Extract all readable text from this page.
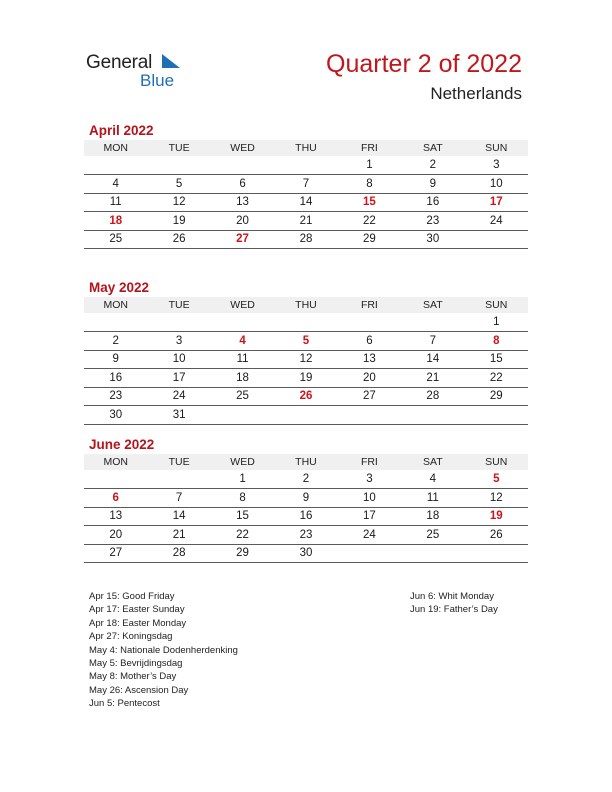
General
Blue
Quarter 2 of 2022
Netherlands
April 2022
MON	TUE	WED	THU	FRI	SAT	SUN
				1	2	3
4	5	6	7	8	9	10
11	12	13	14	15	16	17
18	19	20	21	22	23	24
25	26	27	28	29	30	
May 2022
MON	TUE	WED	THU	FRI	SAT	SUN
						1
2	3	4	5	6	7	8
9	10	11	12	13	14	15
16	17	18	19	20	21	22
23	24	25	26	27	28	29
30	31					
June 2022
MON	TUE	WED	THU	FRI	SAT	SUN
		1	2	3	4	5
6	7	8	9	10	11	12
13	14	15	16	17	18	19
20	21	22	23	24	25	26
27	28	29	30			
Apr 15: Good Friday
Apr 17: Easter Sunday
Apr 18: Easter Monday
Apr 27: Koningsdag
May 4: Nationale Dodenherdenking
May 5: Bevrijdingsdag
May 8: Mother’s Day
May 26: Ascension Day
Jun 5: Pentecost
Jun 6: Whit Monday
Jun 19: Father’s Day
